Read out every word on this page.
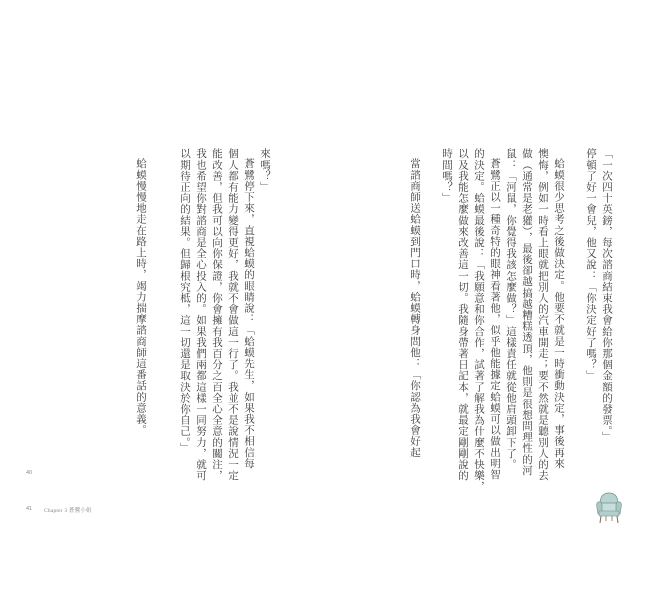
「一次四十英鎊，每次諮商結束我會給你那個金額的發票。」
停頓了好一會兒，他又說：「你決定好了嗎？」
蛤蟆很少思考之後做決定。他要不就是一時衝動決定，事後再來
懊悔，例如一時看上眼就把別人的汽車開走；要不然就是聽別人的去
做（通常是老獾），最後卻越搞越糟糕透頂，他則是很想問理性的河
鼠：「河鼠，你覺得我該怎麼做？」這樣責任就從他肩頭卸下了。
蒼鷺正以一種奇特的眼神看著他，似乎他能據定蛤蟆可以做出明智
的決定。蛤蟆最後說：「我願意和你合作，試著了解我為什麼不快樂，
以及我能怎麼做來改善這一切。我隨身帶著日記本，就最定剛剛說的
時間嗎？」
當諮商師送蛤蟆到門口時，蛤蟆轉身問他：「你認為我會好起
來嗎？」
蒼鷺停下來，直視蛤蟆的眼睛說：「蛤蟆先生，如果我不相信每
個人都有能力變得更好，我就不會做這一行了。我並不是說情況一定
能改善，但我可以向你保證，你會擁有我百分之百全心全意的關注，
我也希望你對諮商是全心投入的。如果我們兩都這樣一同努力，就可
以期待正向的結果。但歸根究柢，這一切還是取決於你自己。」
蛤蟆慢慢地走在路上時，竭力揣摩諮商師這番話的意義。
40
41 Chapter 3 蒼鷺小姐
